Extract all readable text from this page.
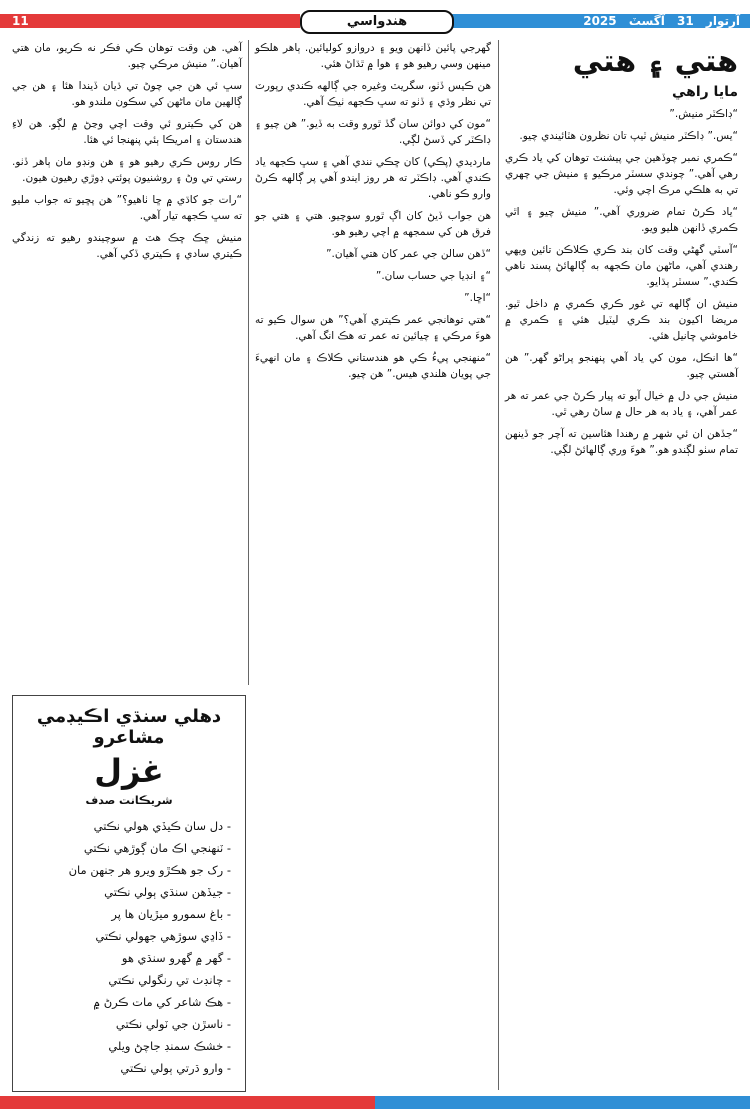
11	هندواسي	آرتوار 31 آگسٽ 2025
هتي ۽ هتي
مايا راهي

“ڊاڪٽر منيش.”

“يس.” ڊاڪٽر منيش ٽيپ تان نظرون هٽائيندي چيو.

“ڪمري نمبر چوڏهين جي پيشنٽ توهان کي ياد ڪري رهي آهي.” چوندي سسٽر مرڪيو ۽ منيش جي چهري تي به هلڪي مرڪ اچي وئي.

“ياد ڪرڻ تمام ضروري آهي.” منيش چيو ۽ اٿي ڪمري ڏانهن هليو ويو.

“آسٽي گهڻي وقت کان بند ڪري ڪلاڪن تائين ويهي رهندي آهي، ماڻهن مان ڪجهه به ڳالهائڻ پسند ناهي ڪندي.” سسٽر ٻڌايو.

منيش ان ڳالهه تي غور ڪري ڪمري ۾ داخل ٿيو. مريضا اکيون بند ڪري ليٽيل هئي ۽ ڪمري ۾ خاموشي ڇانيل هئي.

“ها انڪل، مون کي ياد آهي پنهنجو پراڻو گهر.” هن آهستي چيو.

منيش جي دل ۾ خيال آيو ته پيار ڪرڻ جي عمر ته هر عمر آهي، ۽ ياد به هر حال ۾ ساڻ رهي ٿي.

“جڏهن ان ئي شهر ۾ رهندا هئاسين ته آچر جو ڏينهن تمام سٺو لڳندو هو.” هوءَ وري ڳالهائڻ لڳي.

گهرجي پائين ڏانهن ويو ۽ دروازو کوليائين. ٻاهر هلڪو مينهن وسي رهيو هو ۽ هوا ۾ ٿڌاڻ هئي.

هن ڪيس ڏٺو، سگريٽ وغيره جي ڳالهه ڪندي رپورٽ تي نظر وڌي ۽ ڏٺو ته سڀ ڪجهه ٺيڪ آهي.

“مون کي دوائن سان گڏ ٿورو وقت به ڏيو.” هن چيو ۽ ڊاڪٽر کي ڏسڻ لڳي.

مارديدي (پڪي) کان ڇڪي نندي آهي ۽ سڀ ڪجهه ياد ڪندي آهي. ڊاڪٽر ته هر روز ايندو آهي پر ڳالهه ڪرڻ وارو ڪو ناهي.

هن جواب ڏيڻ کان اڳ ٿورو سوچيو. هتي ۽ هتي جو فرق هن کي سمجهه ۾ اچي رهيو هو.

“ڏهن سالن جي عمر کان هتي آهيان.”

“۽ انڊيا جي حساب سان.”

“اڇا.”

“هتي توهانجي عمر ڪيتري آهي؟” هن سوال ڪيو ته هوءَ مرڪي ۽ چيائين ته عمر ته هڪ انگ آهي.

“منهنجي پيءُ ڪي هو هندستاني ڪلاڪ ۽ مان انهيءَ جي پويان هلندي هيس.” هن چيو.

آهي. هن وقت توهان ڪي فڪر نه ڪريو، مان هتي آهيان.” منيش مرڪي چيو.

سڀ ئي هن جي چوڻ تي ڌيان ڏيندا هئا ۽ هن جي ڳالهين مان ماڻهن کي سڪون ملندو هو.

هن کي ڪيترو ئي وقت اچي وڃڻ ۾ لڳو. هن لاءِ هندستان ۽ امريڪا ٻئي پنهنجا ئي هئا.

ڪار روس ڪري رهيو هو ۽ هن ونڊو مان ٻاهر ڏٺو. رستي تي وڻ ۽ روشنيون پوئتي ڊوڙي رهيون هيون.

“رات جو کاڌي ۾ ڇا ٺاهيو؟” هن پڇيو ته جواب مليو ته سڀ ڪجهه تيار آهي.

منيش ڇڪ ڇڪ هٽ ۾ سوچيندو رهيو ته زندگي ڪيتري سادي ۽ ڪيتري ڏکي آهي.

دهلي سنڌي اڪيڊمي مشاعرو
غزل
شريڪانت صدف
- دل سان ڪيڏي هولي نڪتي
- ٽنهنجي اڪ مان ڳوڙهي نڪتي
- رک جو هڪڙو ويرو هر جنهن مان
- جيڏهن سنڌي ٻولي نڪتي
- باغ سمورو ميڙيان ها پر
- ڏاڍي سوڙهي جهولي نڪتي
- گهر ۾ گهرو سنڌي هو
- چانڊٺ تي رنگولي نڪتي
- هڪ شاعر کي مات ڪرڻ ۾
- ناسڙن جي ٽولي نڪتي
- خشڪ سمنڊ جاچڻ ويلي
- وارو ڌرتي ٻولي نڪتي
